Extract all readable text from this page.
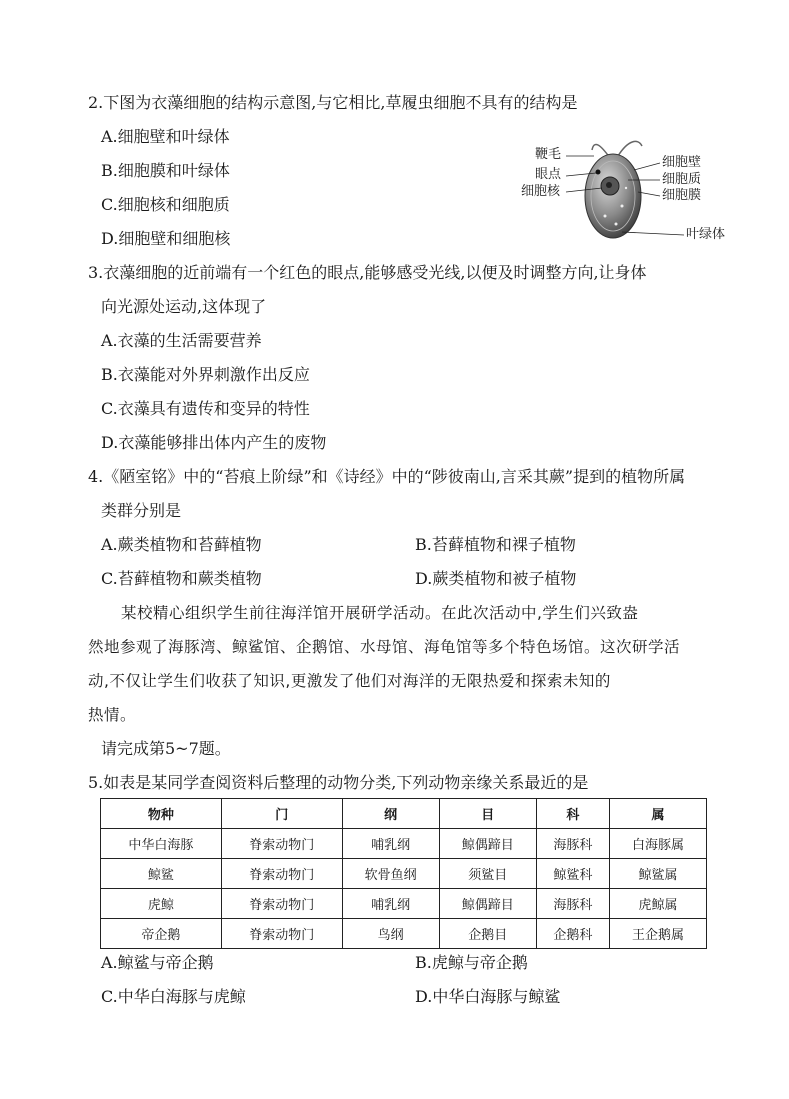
2.下图为衣藻细胞的结构示意图,与它相比,草履虫细胞不具有的结构是
A.细胞壁和叶绿体
B.细胞膜和叶绿体
C.细胞核和细胞质
D.细胞壁和细胞核
鞭毛
眼点
细胞核
细胞壁
细胞质
细胞膜
叶绿体
3.衣藻细胞的近前端有一个红色的眼点,能够感受光线,以便及时调整方向,让身体
向光源处运动,这体现了
A.衣藻的生活需要营养
B.衣藻能对外界刺激作出反应
C.衣藻具有遗传和变异的特性
D.衣藻能够排出体内产生的废物
4.《陋室铭》中的“苔痕上阶绿”和《诗经》中的“陟彼南山,言采其蕨”提到的植物所属
类群分别是
A.蕨类植物和苔藓植物	B.苔藓植物和裸子植物
C.苔藓植物和蕨类植物	D.蕨类植物和被子植物
某校精心组织学生前往海洋馆开展研学活动。在此次活动中,学生们兴致盎
然地参观了海豚湾、鲸鲨馆、企鹅馆、水母馆、海龟馆等多个特色场馆。这次研学活
动,不仅让学生们收获了知识,更激发了他们对海洋的无限热爱和探索未知的
热情。
请完成第5~7题。
5.如表是某同学查阅资料后整理的动物分类,下列动物亲缘关系最近的是
物种	门	纲	目	科	属
中华白海豚	脊索动物门	哺乳纲	鲸偶蹄目	海豚科	白海豚属
鲸鲨	脊索动物门	软骨鱼纲	须鲨目	鲸鲨科	鲸鲨属
虎鲸	脊索动物门	哺乳纲	鲸偶蹄目	海豚科	虎鲸属
帝企鹅	脊索动物门	鸟纲	企鹅目	企鹅科	王企鹅属
A.鲸鲨与帝企鹅	B.虎鲸与帝企鹅
C.中华白海豚与虎鲸	D.中华白海豚与鲸鲨
